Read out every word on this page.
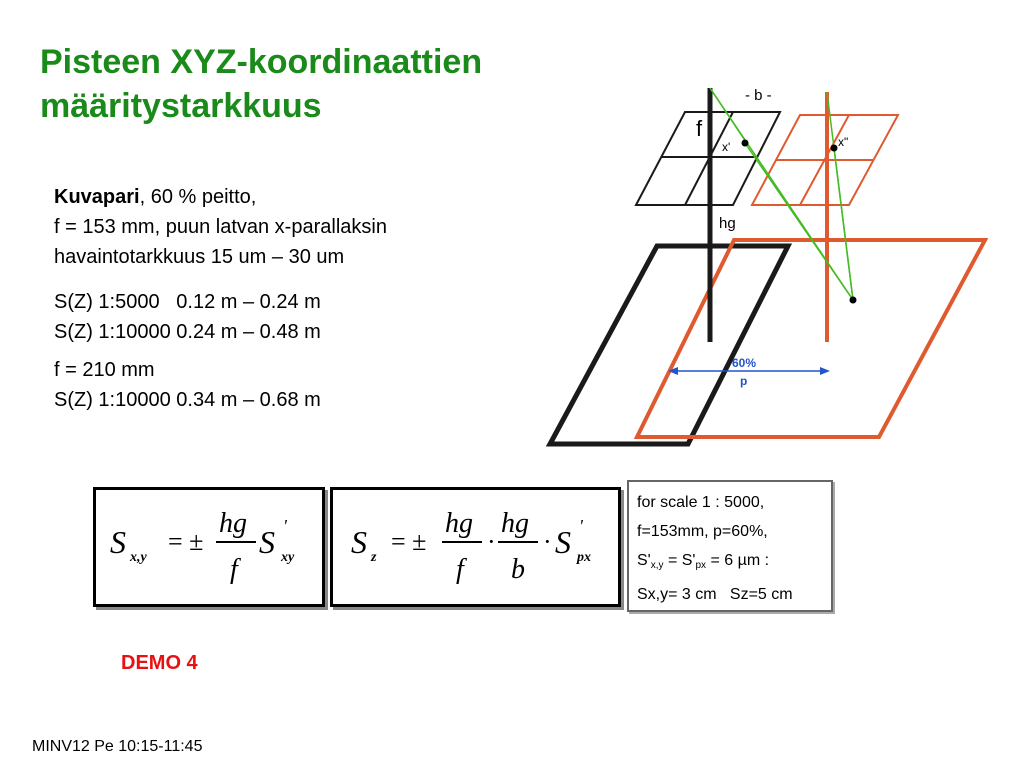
Pisteen XYZ-koordinaattien
määritystarkkuus
Kuvapari, 60 % peitto,
f = 153 mm, puun latvan x-parallaksin
havaintotarkkuus 15 um – 30 um
S(Z) 1:5000   0.12 m – 0.24 m
S(Z) 1:10000 0.24 m – 0.48 m
f = 210 mm
S(Z) 1:10000 0.34 m – 0.68 m
- b -
f
x'	x"
hg
60%
p
S x,y
= ±
hg
f
S '
xy S z
= ±
hg
f
·
hg
b
· S '
px
for scale 1 : 5000,
f=153mm, p=60%,
$S'_{x,y} = S'_{px} = 6$ µm :
Sx,y= 3 cm   Sz=5 cm
DEMO 4
MINV12 Pe 10:15-11:45
